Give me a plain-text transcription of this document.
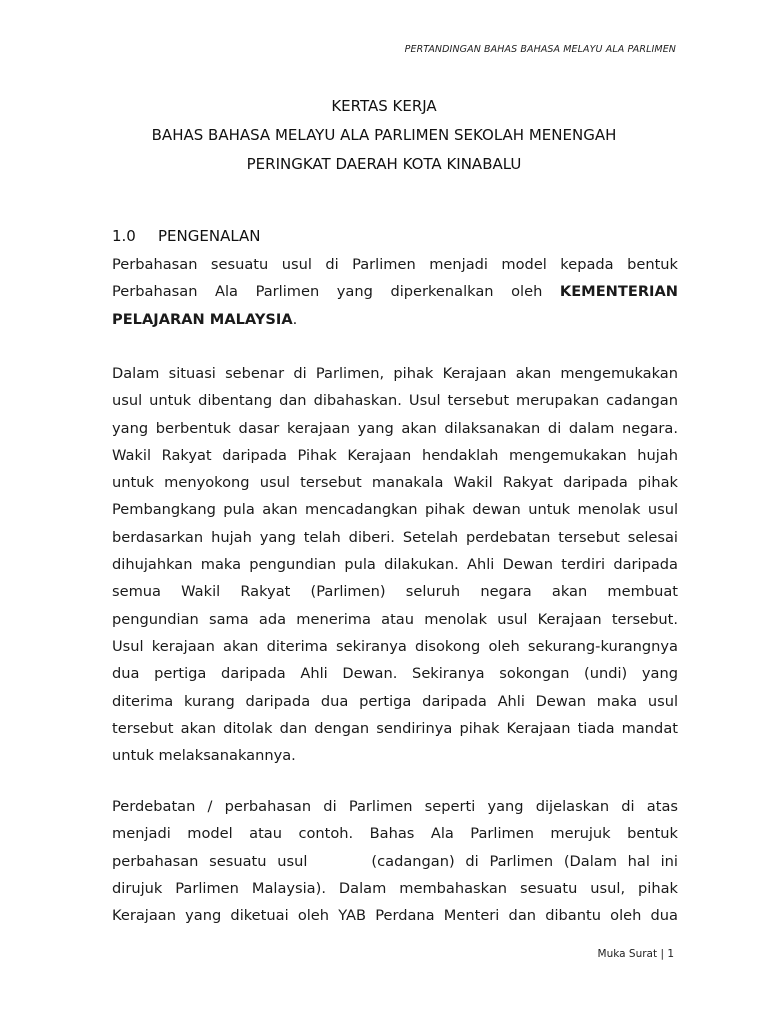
PERTANDINGAN BAHAS BAHASA MELAYU ALA PARLIMEN
KERTAS KERJA
BAHAS BAHASA MELAYU ALA PARLIMEN SEKOLAH MENENGAH
PERINGKAT DAERAH KOTA KINABALU
1.0 PENGENALAN
Perbahasan sesuatu usul di Parlimen menjadi model kepada bentuk
Perbahasan Ala Parlimen yang diperkenalkan oleh KEMENTERIAN
PELAJARAN MALAYSIA.
Dalam situasi sebenar di Parlimen, pihak Kerajaan akan mengemukakan
usul untuk dibentang dan dibahaskan. Usul tersebut merupakan cadangan
yang berbentuk dasar kerajaan yang akan dilaksanakan di dalam negara.
Wakil Rakyat daripada Pihak Kerajaan hendaklah mengemukakan hujah
untuk menyokong usul tersebut manakala Wakil Rakyat daripada pihak
Pembangkang pula akan mencadangkan pihak dewan untuk menolak usul
berdasarkan hujah yang telah diberi. Setelah perdebatan tersebut selesai
dihujahkan maka pengundian pula dilakukan. Ahli Dewan terdiri daripada
semua Wakil Rakyat (Parlimen) seluruh negara akan membuat
pengundian sama ada menerima atau menolak usul Kerajaan tersebut.
Usul kerajaan akan diterima sekiranya disokong oleh sekurang-kurangnya
dua pertiga daripada Ahli Dewan. Sekiranya sokongan (undi) yang
diterima kurang daripada dua pertiga daripada Ahli Dewan maka usul
tersebut akan ditolak dan dengan sendirinya pihak Kerajaan tiada mandat
untuk melaksanakannya.
Perdebatan / perbahasan di Parlimen seperti yang dijelaskan di atas
menjadi model atau contoh. Bahas Ala Parlimen merujuk bentuk
perbahasan sesuatu usul	(cadangan) di Parlimen (Dalam hal ini
dirujuk Parlimen Malaysia). Dalam membahaskan sesuatu usul, pihak
Kerajaan yang diketuai oleh YAB Perdana Menteri dan dibantu oleh dua
Muka Surat | 1
